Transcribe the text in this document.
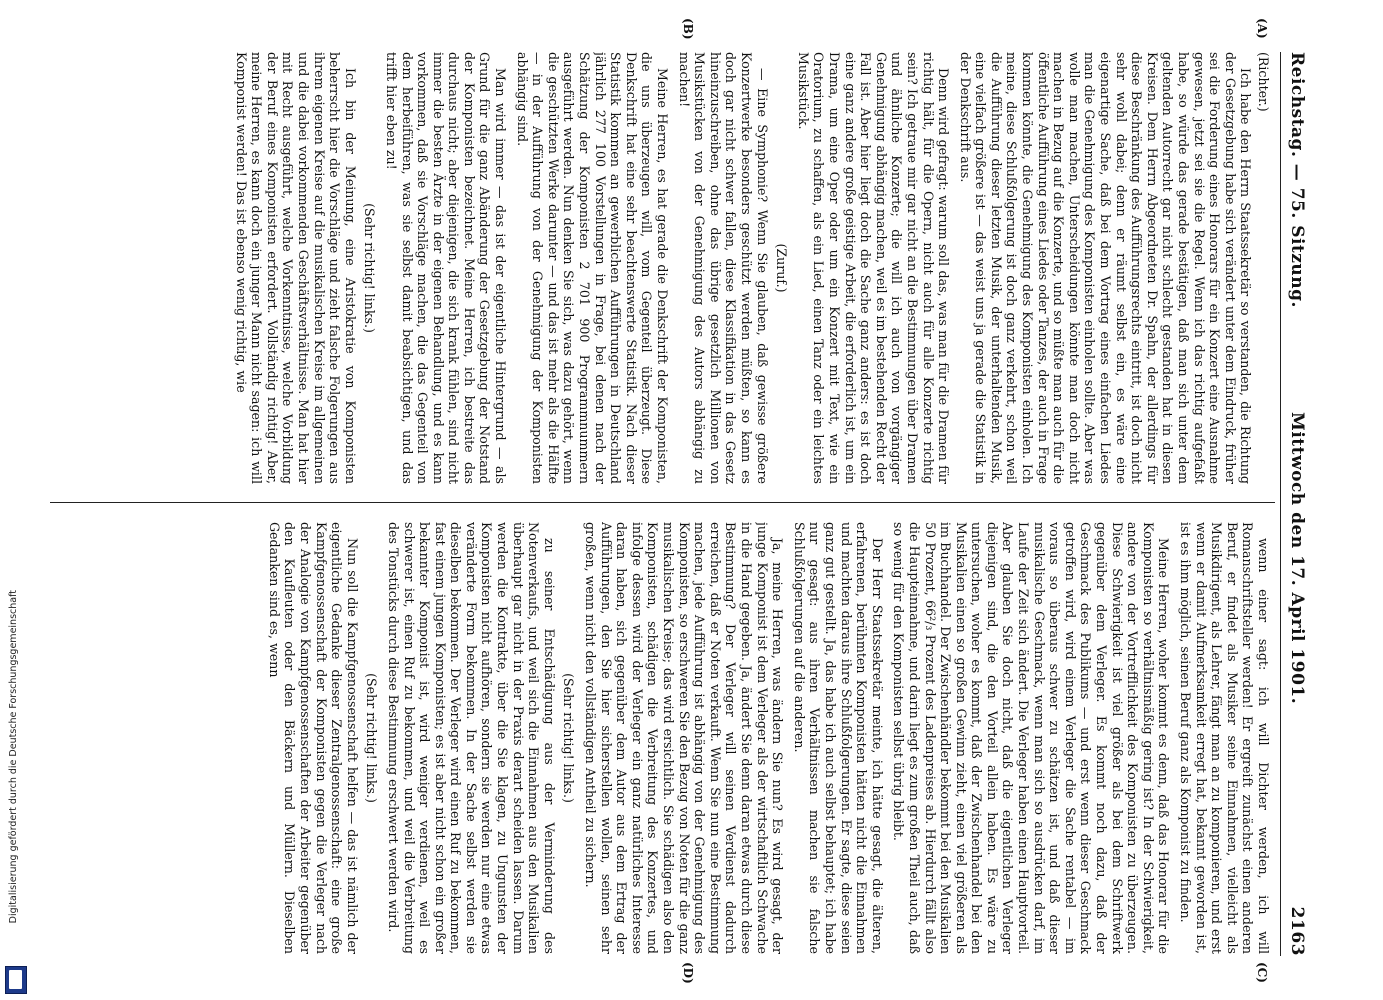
Reichstag. — 75. Sitzung.
Mittwoch den 17. April 1901.
2163
(A)
(B)
(C)
(D)

(Richter.)

Ich habe den Herrn Staatssekretär so verstanden, die Richtung der Gesetzgebung habe sich verändert unter dem Eindruck, früher sei die Forderung eines Honorars für ein Konzert eine Ausnahme gewesen, jetzt sei sie die Regel. Wenn ich das richtig aufgefaßt habe, so würde das gerade bestätigen, daß man sich unter dem geltenden Autorrecht gar nicht schlecht gestanden hat in diesen Kreisen. Dem Herrn Abgeordneten Dr. Spahn, der allerdings für diese Beschränkung des Aufführungsrechts eintritt, ist doch nicht sehr wohl dabei; denn er räumt selbst ein, es wäre eine eigenartige Sache, daß bei dem Vortrag eines einfachen Liedes man die Genehmigung des Komponisten einholen sollte. Aber was wolle man machen, Unterscheidungen könnte man doch nicht machen in Bezug auf die Konzerte, und so müßte man auch für die öffentliche Aufführung eines Liedes oder Tanzes, der auch in Frage kommen könnte, die Genehmigung des Komponisten einholen. Ich meine, diese Schlußfolgerung ist doch ganz verkehrt, schon weil die Aufführung dieser letzten Musik, der unterhaltenden Musik, eine vielfach größere ist — das weist uns ja gerade die Statistik in der Denkschrift aus.

Denn wird gefragt: warum soll das, was man für die Dramen für richtig hält, für die Opern, nicht auch für alle Konzerte richtig sein? Ich getraue mir gar nicht an die Bestimmungen über Dramen und ähnliche Konzerte; die will ich auch von vorgängiger Genehmigung abhängig machen, weil es im bestehenden Recht der Fall ist. Aber hier liegt doch die Sache ganz anders: es ist doch eine ganz andere große geistige Arbeit, die erforderlich ist, um ein Drama, um eine Oper oder um ein Konzert mit Text, wie ein Oratorium, zu schaffen, als ein Lied, einen Tanz oder ein leichtes Musikstück.

(Zuruf.)

— Eine Symphonie? Wenn Sie glauben, daß gewisse größere Konzertwerke besonders geschützt werden müßten, so kann es doch gar nicht schwer fallen, diese Klassifikation in das Gesetz hineinzuschreiben, ohne das übrige gesetzlich Millionen von Musikstücken von der Genehmigung des Autors abhängig zu machen!

Meine Herren, es hat gerade die Denkschrift der Komponisten, die uns überzeugen will, vom Gegenteil überzeugt. Diese Denkschrift hat eine sehr beachtenswerte Statistik. Nach dieser Statistik kommen an gewerblichen Aufführungen in Deutschland jährlich 277 100 Vorstellungen in Frage, bei denen nach der Schätzung der Komponisten 2 701 900 Programmnummern ausgeführt werden. Nun denken Sie sich, was dazu gehört, wenn die geschützten Werke darunter — und das ist mehr als die Hälfte — in der Aufführung von der Genehmigung der Komponisten abhängig sind.

Man wird immer — das ist der eigentliche Hintergrund — als Grund für die ganz Abänderung der Gesetzgebung der Notstand der Komponisten bezeichnet. Meine Herren, ich bestreite das durchaus nicht; aber diejenigen, die sich krank fühlen, sind nicht immer die besten Ärzte in der eigenen Behandlung, und es kann vorkommen, daß sie Vorschläge machen, die das Gegenteil von dem herbeiführen, was sie selbst damit beabsichtigen, und das trifft hier eben zu!

(Sehr richtig! links.)

Ich bin der Meinung, eine Aristokratie von Komponisten beherrscht hier die Vorschläge und zieht falsche Folgerungen aus ihrem eigenen Kreise auf die musikalischen Kreise im allgemeinen und die dabei vorkommenden Geschäftsverhältnisse. Man hat hier mit Recht ausgeführt, welche Vorkenntnisse, welche Vorbildung der Beruf eines Komponisten erfordert. Vollständig richtig! Aber, meine Herren, es kann doch ein junger Mann nicht sagen: ich will Komponist werden! Das ist ebenso wenig richtig, wie

wenn einer sagt: ich will Dichter werden, ich will Romanschriftsteller werden! Er ergreift zunächst einen anderen Beruf, er findet als Musiker seine Einnahmen, vielleicht als Musikdirigent, als Lehrer, fängt man an zu komponieren, und erst wenn er damit Aufmerksamkeit erregt hat, bekannt geworden ist, ist es ihm möglich, seinen Beruf ganz als Komponist zu finden.

Meine Herren, woher kommt es denn, daß das Honorar für die Komponisten so verhältnismäßig gering ist? In der Schwierigkeit, andere von der Vortrefflichkeit des Komponisten zu überzeugen. Diese Schwierigkeit ist viel größer als bei dem Schriftwerk gegenüber dem Verleger. Es kommt noch dazu, daß der Geschmack des Publikums — und erst wenn dieser Geschmack getroffen wird, wird einem Verleger die Sache rentabel — im voraus so überaus schwer zu schätzen ist, und daß dieser musikalische Geschmack, wenn man sich so ausdrücken darf, im Laufe der Zeit sich ändert. Die Verleger haben einen Hauptvorteil. Aber glauben Sie doch nicht, daß die eigentlichen Verleger diejenigen sind, die den Vorteil allein haben. Es wäre zu untersuchen, woher es kommt, daß der Zwischenhandel bei den Musikalien einen so großen Gewinn zieht, einen viel größeren als im Buchhandel. Der Zwischenhändler bekommt bei den Musikalien 50 Prozent, 66²/₃ Prozent des Ladenpreises ab. Hierdurch fällt also die Haupteinnahme, und darin liegt es zum großen Theil auch, daß so wenig für den Komponisten selbst übrig bleibt.

Der Herr Staatssekretär meinte, ich hätte gesagt, die älteren, erfahrenen, berühmten Komponisten hätten nicht die Einnahmen und machten daraus ihre Schlußfolgerungen. Er sagte, diese seien ganz gut gestellt. Ja, das habe ich auch selbst behauptet; ich habe nur gesagt: aus ihren Verhältnissen machen sie falsche Schlußfolgerungen auf die anderen.

Ja, meine Herren, was ändern Sie nun? Es wird gesagt, der junge Komponist ist dem Verleger als der wirtschaftlich Schwache in die Hand gegeben. Ja, ändert Sie denn daran etwas durch diese Bestimmung? Der Verleger will seinen Verdienst dadurch erreichen, daß er Noten verkauft. Wenn Sie nun eine Bestimmung machen, jede Aufführung ist abhängig von der Genehmigung des Komponisten, so erschweren Sie den Bezug von Noten für die ganz musikalischen Kreise; das wird ersichtlich. Sie schädigen also den Komponisten, schädigen die Verbreitung des Konzertes, und infolge dessen wird der Verleger ein ganz natürliches Interesse daran haben, sich gegenüber dem Autor aus dem Ertrag der Aufführungen, den Sie hier sicherstellen wollen, seinen sehr großen, wenn nicht den vollständigen Antheil zu sichern.

(Sehr richtig! links.)

zu seiner Entschädigung aus der Verminderung des Notenverkaufs, und weil sich die Einnahmen aus den Musikalien überhaupt gar nicht in der Praxis derart scheiden lassen. Darum werden die Kontrakte, über die Sie klagen, zu Ungunsten der Komponisten nicht aufhören, sondern sie werden nur eine etwas veränderte Form bekommen. In der Sache selbst werden sie dieselben bekommen. Der Verleger wird einen Ruf zu bekommen, fast einem jungen Komponisten; es ist aber nicht schon ein großer bekannter Komponist ist, wird weniger verdienen, weil es schwerer ist, einen Ruf zu bekommen, und weil die Verbreitung des Tonstücks durch diese Bestimmung erschwert werden wird.

(Sehr richtig! links.)

Nun soll die Kampfgenossenschaft helfen — das ist nämlich der eigentliche Gedanke dieser Zentralgenossenschaft: eine große Kampfgenossenschaft der Komponisten gegen die Verleger nach der Analogie von Kampfgenossenschaften der Arbeiter gegenüber den Kaufleuten oder den Bäckern und Müllern. Dieselben Gedanken sind es, wenn

Digitalisierung gefördert durch die Deutsche Forschungsgemeinschaft
